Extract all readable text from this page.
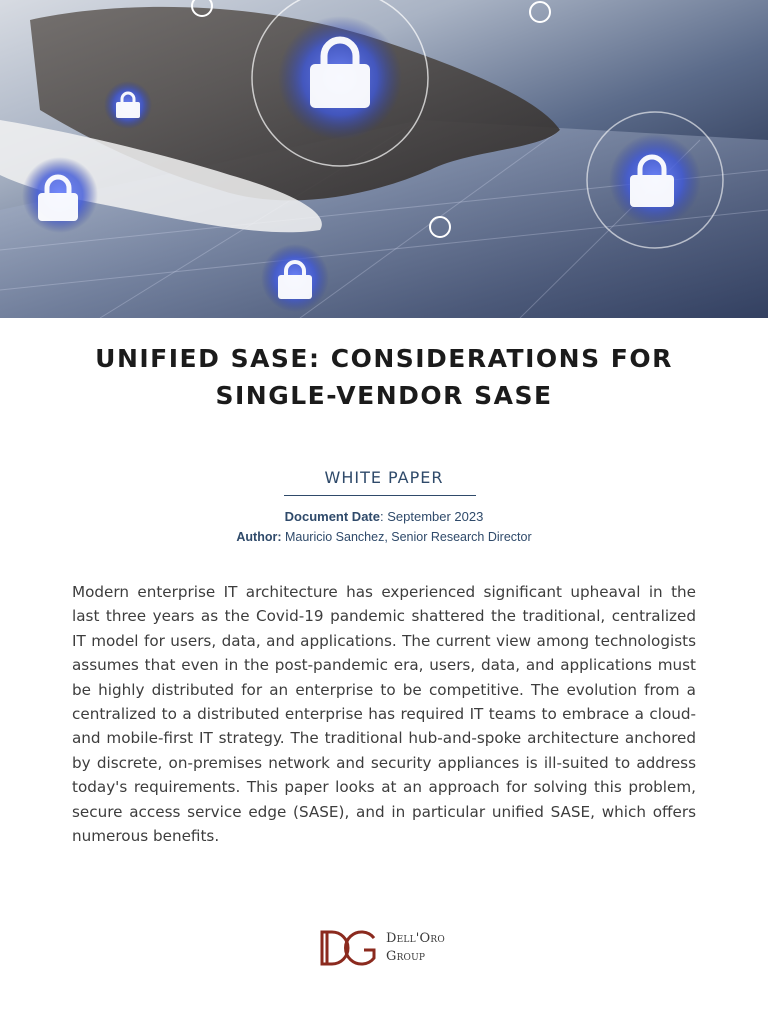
UNIFIED SASE: CONSIDERATIONS FOR
SINGLE-VENDOR SASE
WHITE PAPER
Document Date: September 2023
Author: Mauricio Sanchez, Senior Research Director

Modern enterprise IT architecture has experienced significant upheaval in the last three years as the Covid-19 pandemic shattered the traditional, centralized IT model for users, data, and applications. The current view among technologists assumes that even in the post-pandemic era, users, data, and applications must be highly distributed for an enterprise to be competitive. The evolution from a centralized to a distributed enterprise has required IT teams to embrace a cloud- and mobile-first IT strategy. The traditional hub-and-spoke architecture anchored by discrete, on-premises network and security appliances is ill-suited to address today's requirements. This paper looks at an approach for solving this problem, secure access service edge (SASE), and in particular unified SASE, which offers numerous benefits.

DG
Dell'Oro
Group
